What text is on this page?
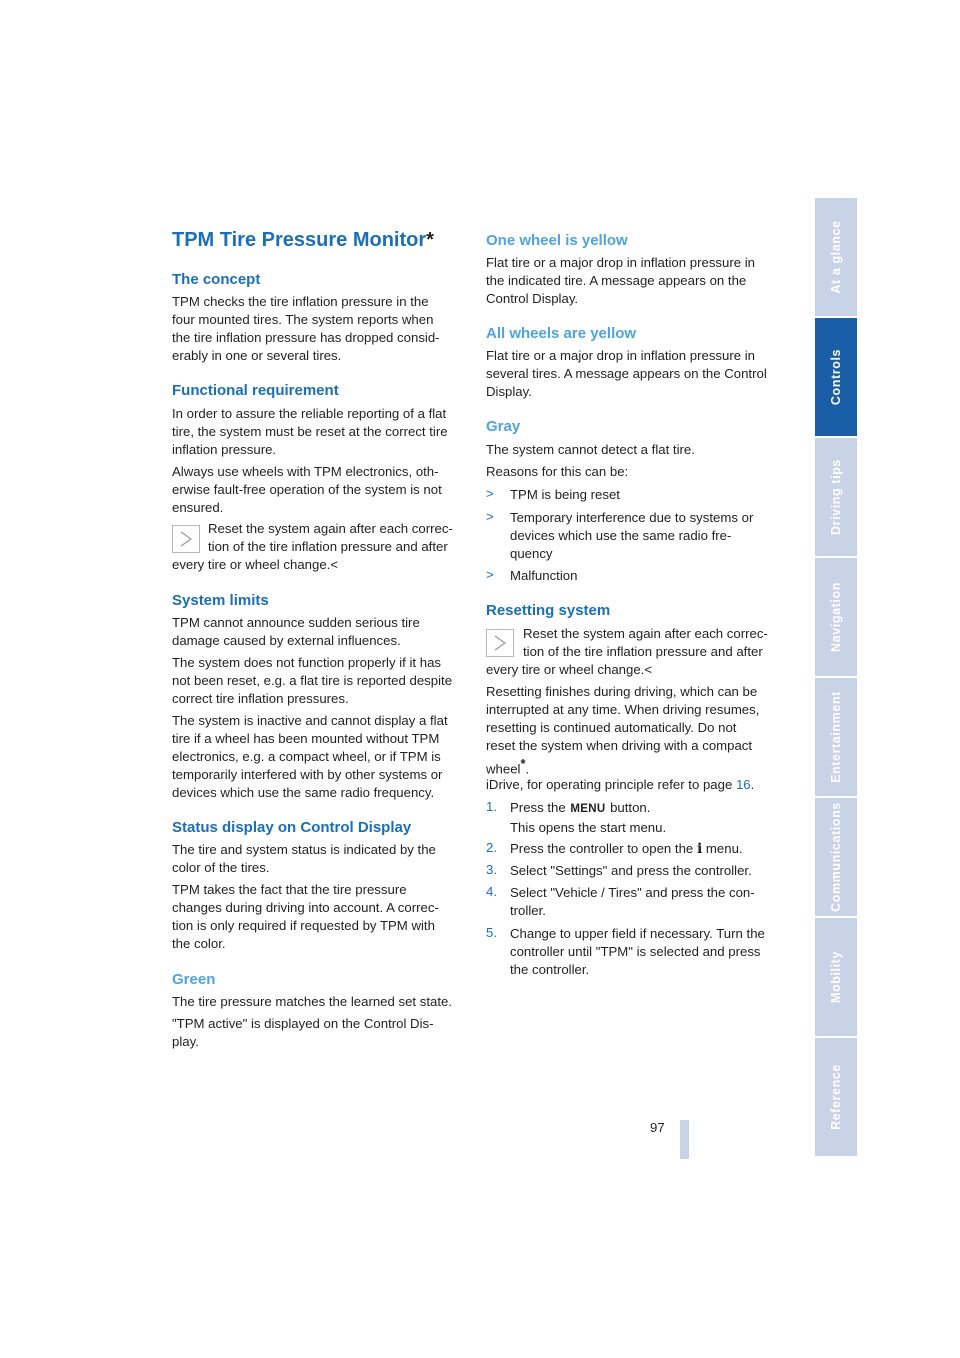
TPM Tire Pressure Monitor*
The concept

TPM checks the tire inflation pressure in the
four mounted tires. The system reports when
the tire inflation pressure has dropped consid-
erably in one or several tires.

Functional requirement

In order to assure the reliable reporting of a flat
tire, the system must be reset at the correct tire
inflation pressure.

Always use wheels with TPM electronics, oth-
erwise fault-free operation of the system is not
ensured.

Reset the system again after each correc-

tion of the tire inflation pressure and after

every tire or wheel change.<

System limits

TPM cannot announce sudden serious tire
damage caused by external influences.

The system does not function properly if it has
not been reset, e.g. a flat tire is reported despite
correct tire inflation pressures.

The system is inactive and cannot display a flat
tire if a wheel has been mounted without TPM
electronics, e.g. a compact wheel, or if TPM is
temporarily interfered with by other systems or
devices which use the same radio frequency.

Status display on Control Display

The tire and system status is indicated by the
color of the tires.

TPM takes the fact that the tire pressure
changes during driving into account. A correc-
tion is only required if requested by TPM with
the color.

Green

The tire pressure matches the learned set state.

"TPM active" is displayed on the Control Dis-
play.

One wheel is yellow

Flat tire or a major drop in inflation pressure in
the indicated tire. A message appears on the
Control Display.

All wheels are yellow

Flat tire or a major drop in inflation pressure in
several tires. A message appears on the Control
Display.

Gray

The system cannot detect a flat tire.

Reasons for this can be:

> TPM is being reset

> Temporary interference due to systems or
devices which use the same radio fre-
quency

> Malfunction

Resetting system

Reset the system again after each correc-

tion of the tire inflation pressure and after

every tire or wheel change.<

Resetting finishes during driving, which can be
interrupted at any time. When driving resumes,
resetting is continued automatically. Do not
reset the system when driving with a compact
wheel*.

iDrive, for operating principle refer to page 16.

1. Press the MENU button.
This opens the start menu.

2. Press the controller to open the i menu.

3. Select "Settings" and press the controller.

4. Select "Vehicle / Tires" and press the con-
troller.

5. Change to upper field if necessary. Turn the
controller until "TPM" is selected and press
the controller.

97
At a glance
Controls
Driving tips
Navigation
Entertainment
Communications
Mobility
Reference
